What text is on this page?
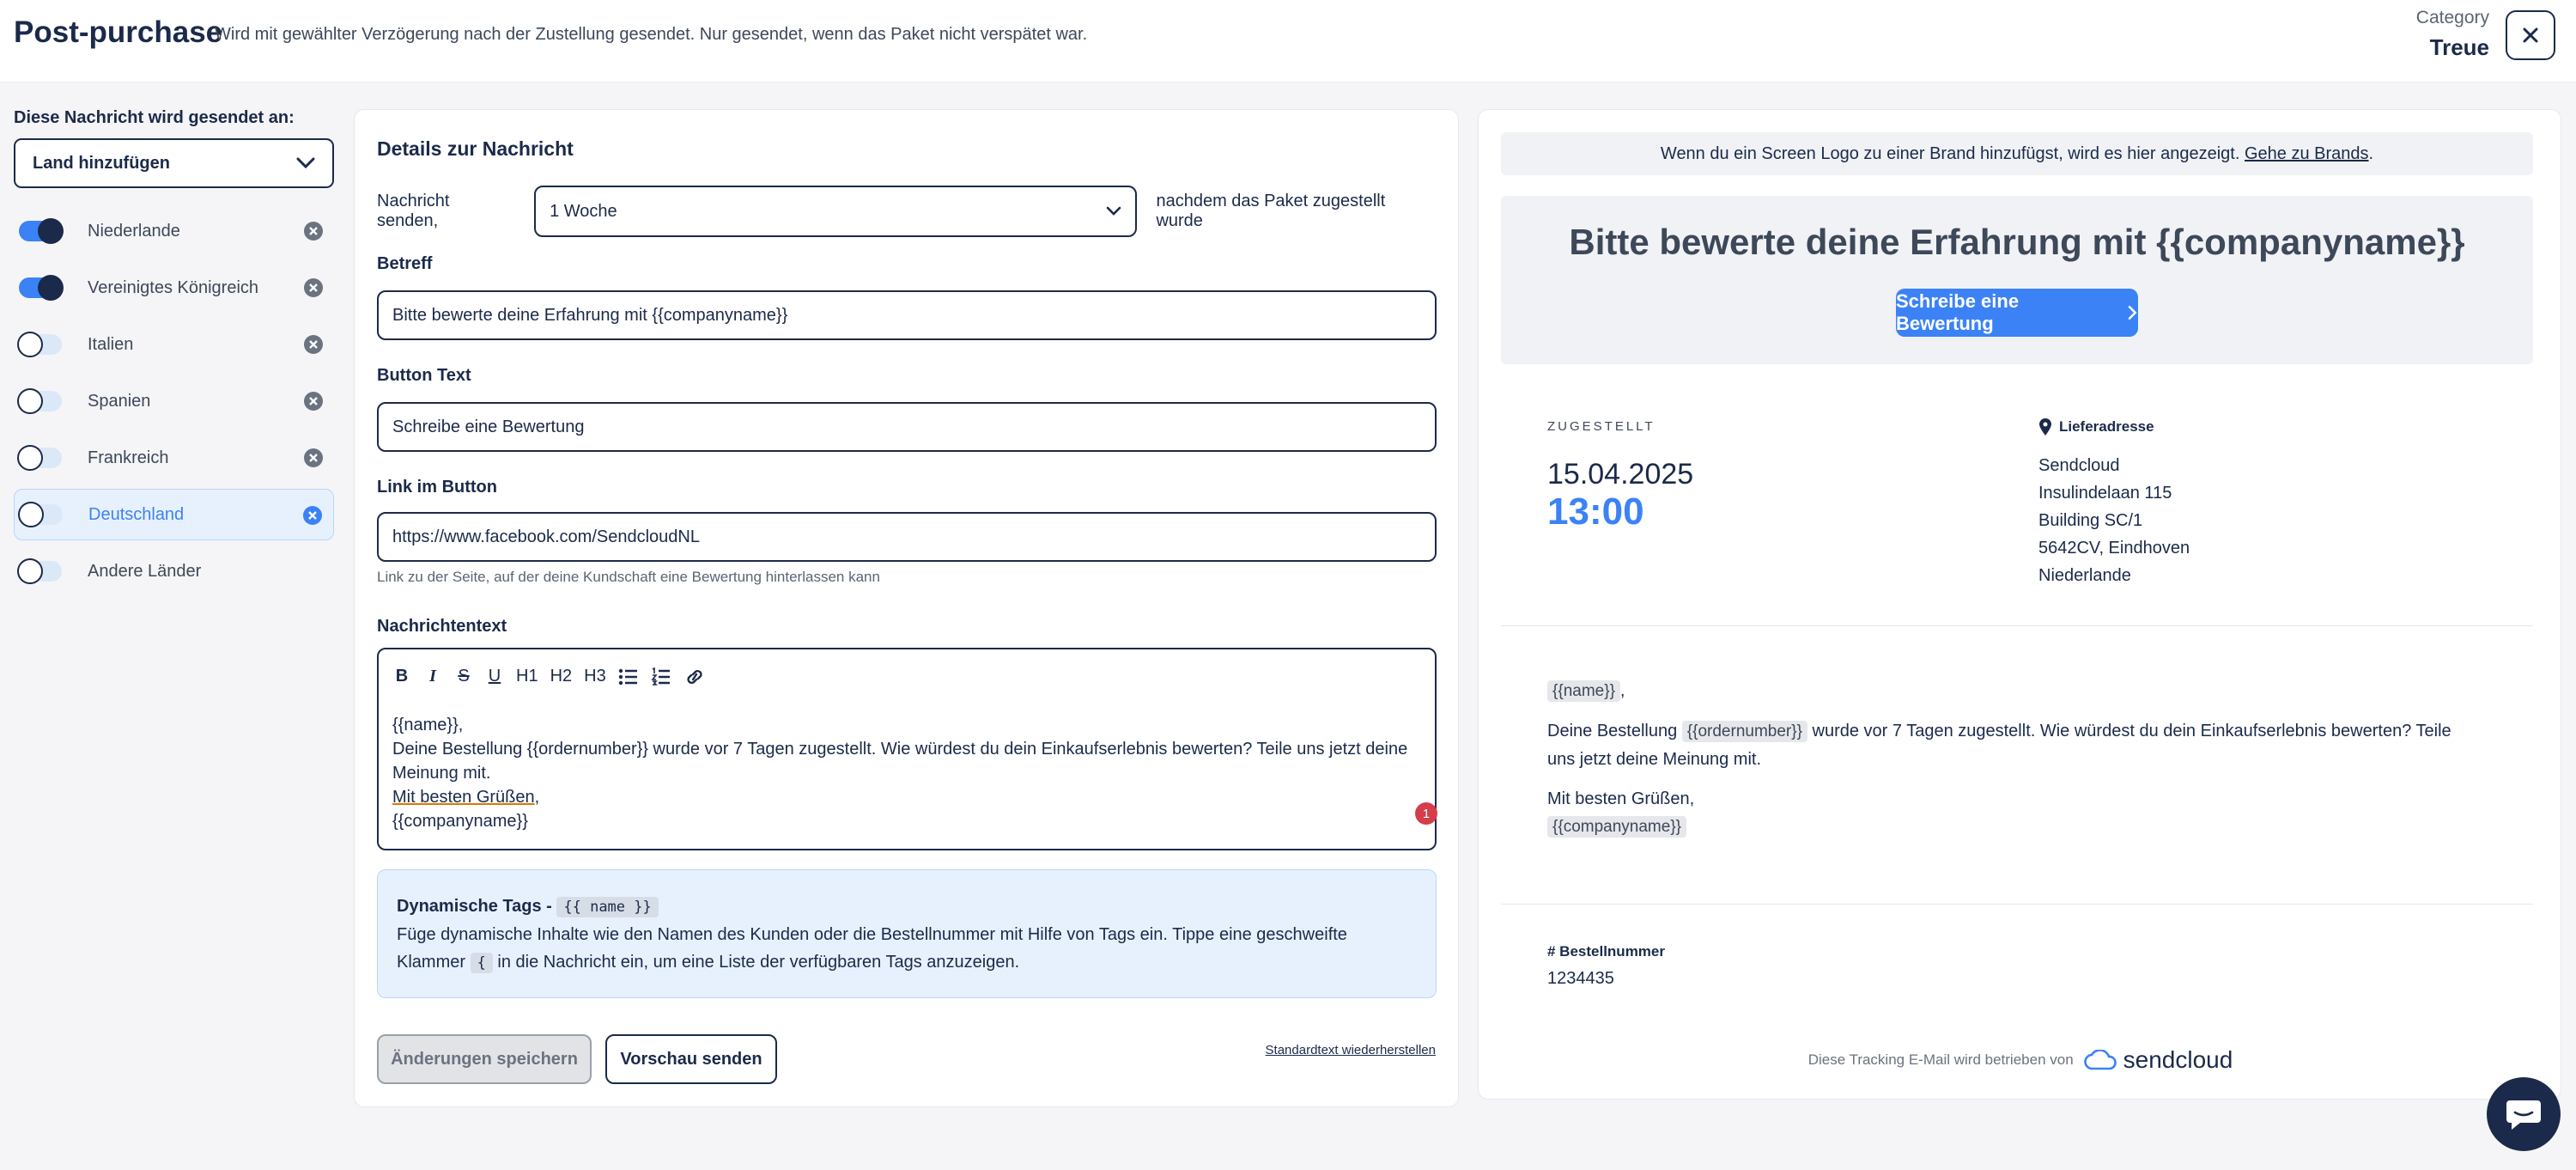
Post-purchase
Wird mit gewählter Verzögerung nach der Zustellung gesendet. Nur gesendet, wenn das Paket nicht verspätet war.
Category
Treue
Diese Nachricht wird gesendet an:
Land hinzufügen
Niederlande
Vereinigtes Königreich
Italien
Spanien
Frankreich
Deutschland
Andere Länder
Details zur Nachricht
Nachricht senden,
1 Woche
nachdem das Paket zugestellt wurde
Betreff
Bitte bewerte deine Erfahrung mit {{companyname}}
Button Text
Schreibe eine Bewertung
Link im Button
https://www.facebook.com/SendcloudNL
Link zu der Seite, auf der deine Kundschaft eine Bewertung hinterlassen kann
Nachrichtentext
B	I	S U H1 H2 H3
{{name}},
Deine Bestellung {{ordernumber}} wurde vor 7 Tagen zugestellt. Wie würdest du dein Einkaufserlebnis bewerten? Teile uns jetzt deine
Meinung mit.
Mit besten Grüßen,
{{companyname}}	1
Dynamische Tags - {{ name }}
Füge dynamische Inhalte wie den Namen des Kunden oder die Bestellnummer mit Hilfe von Tags ein. Tippe eine geschweifte
Klammer { in die Nachricht ein, um eine Liste der verfügbaren Tags anzuzeigen.
Änderungen speichern	Vorschau senden	Standardtext wiederherstellen
Wenn du ein Screen Logo zu einer Brand hinzufügst, wird es hier angezeigt.
Gehe zu Brands .
Bitte bewerte deine Erfahrung mit {{companyname}}
Schreibe eine Bewertung
ZUGESTELLT
15.04.2025
13:00
Lieferadresse
Sendcloud
Insulindelaan 115
Building SC/1
5642CV, Eindhoven
Niederlande
{{name}} ,
Deine Bestellung {{ordernumber}} wurde vor 7 Tagen zugestellt. Wie würdest du dein Einkaufserlebnis bewerten? Teile
uns jetzt deine Meinung mit.
Mit besten Grüßen,
{{companyname}}
# Bestellnummer
1234435
Diese Tracking E-Mail wird betrieben von sendcloud
